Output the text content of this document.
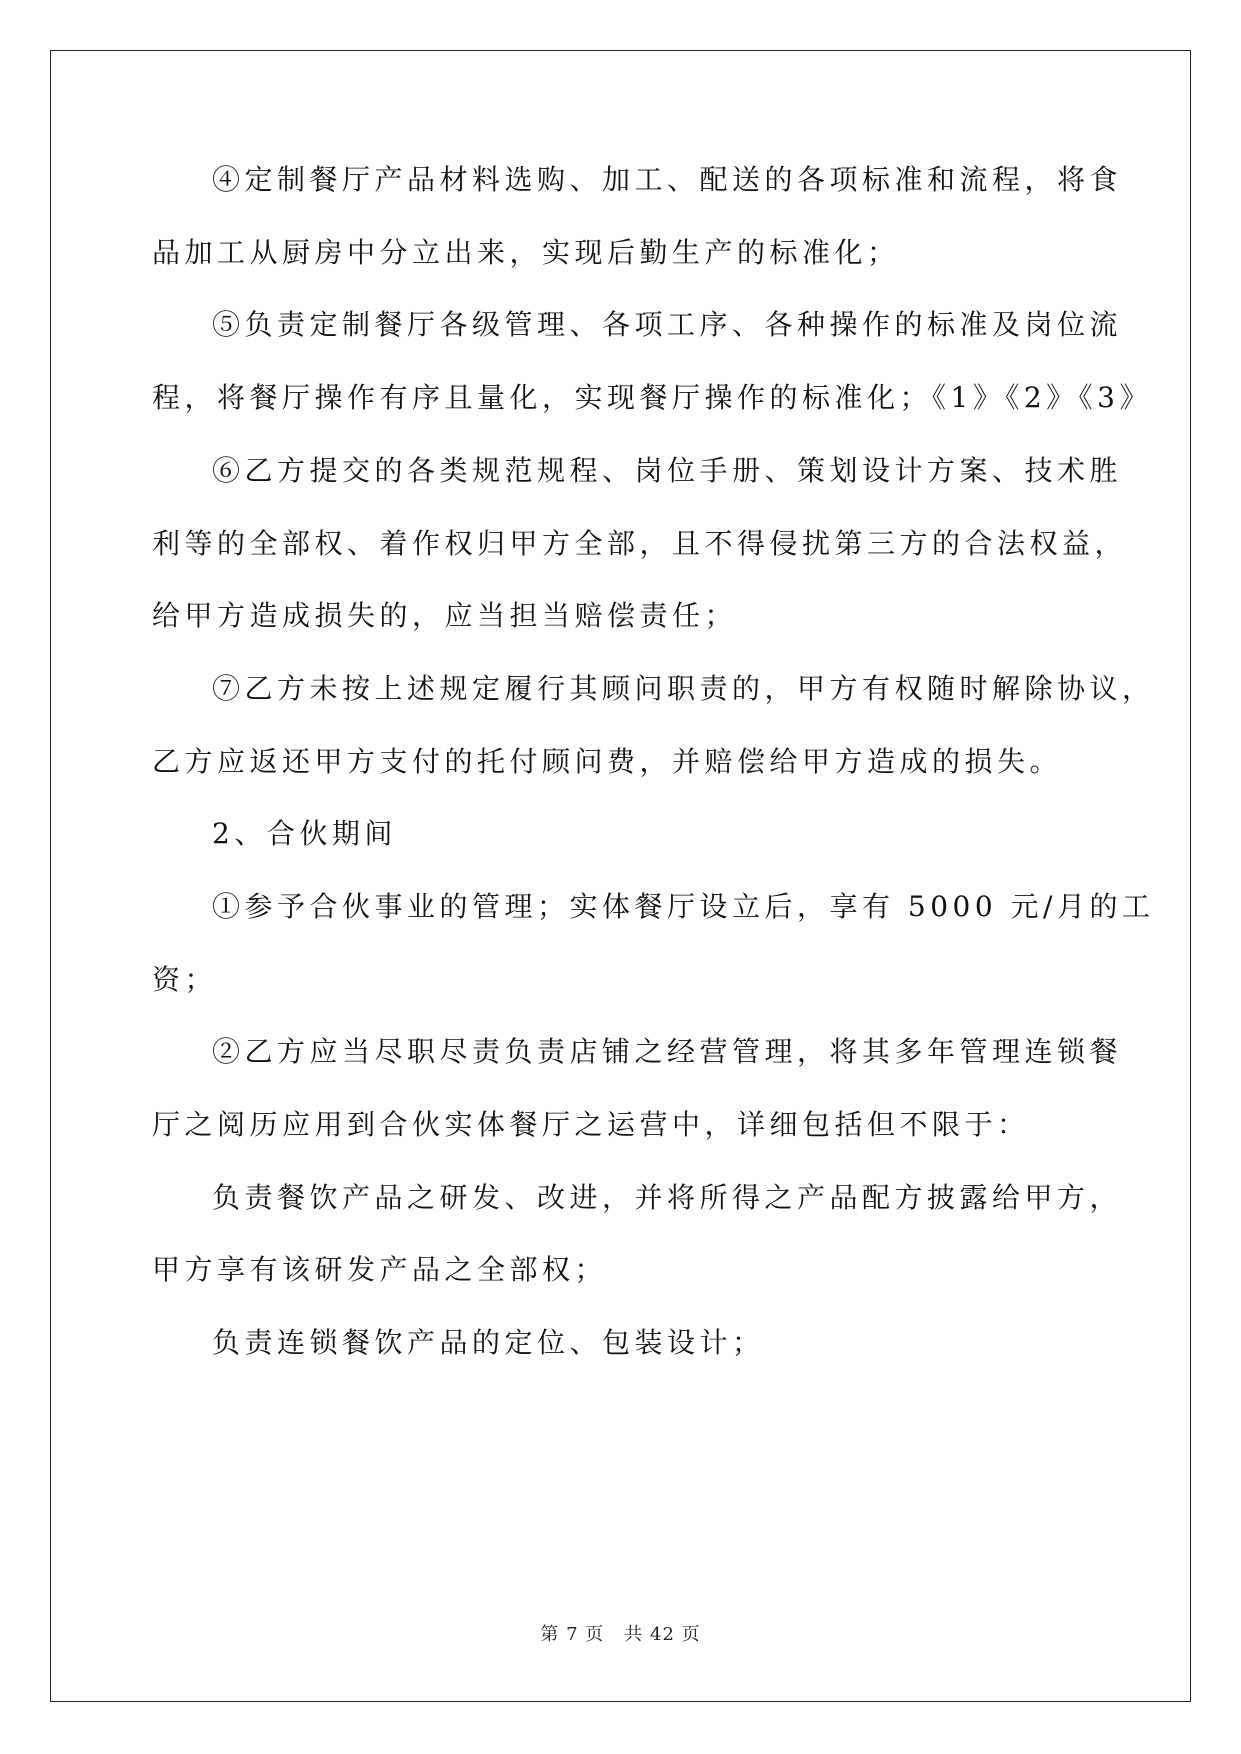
④定制餐厅产品材料选购、加工、配送的各项标准和流程，将食
品加工从厨房中分立出来，实现后勤生产的标准化；
⑤负责定制餐厅各级管理、各项工序、各种操作的标准及岗位流
程，将餐厅操作有序且量化，实现餐厅操作的标准化；《1》《2》《3》
⑥乙方提交的各类规范规程、岗位手册、策划设计方案、技术胜
利等的全部权、着作权归甲方全部，且不得侵扰第三方的合法权益，
给甲方造成损失的，应当担当赔偿责任；
⑦乙方未按上述规定履行其顾问职责的，甲方有权随时解除协议，
乙方应返还甲方支付的托付顾问费，并赔偿给甲方造成的损失。
2、合伙期间
①参予合伙事业的管理；实体餐厅设立后，享有 5000 元/月的工
资；
②乙方应当尽职尽责负责店铺之经营管理，将其多年管理连锁餐
厅之阅历应用到合伙实体餐厅之运营中，详细包括但不限于：
负责餐饮产品之研发、改进，并将所得之产品配方披露给甲方，
甲方享有该研发产品之全部权；
负责连锁餐饮产品的定位、包装设计；
第 7 页 共 42 页
